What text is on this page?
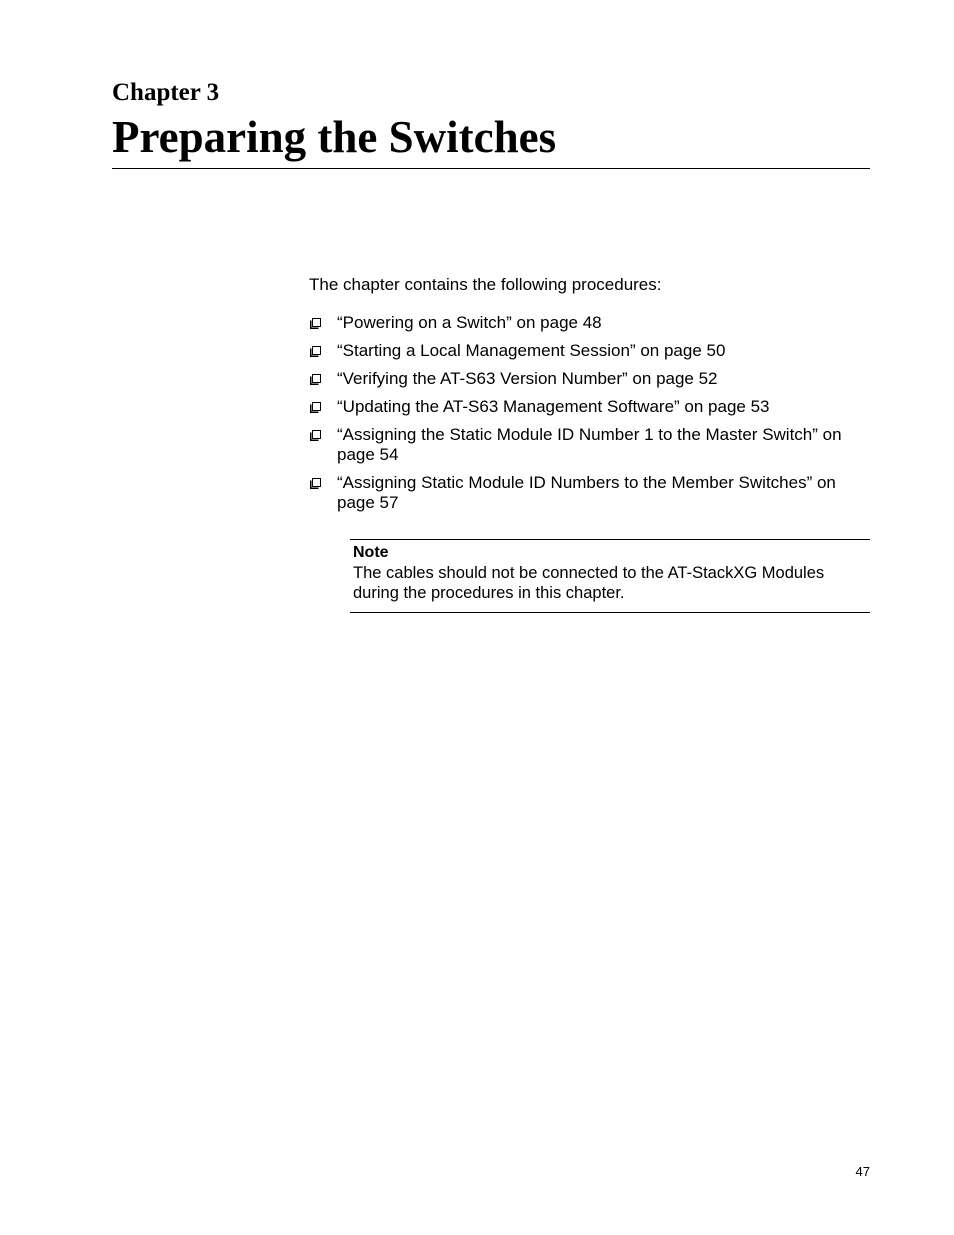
Chapter 3
Preparing the Switches
The chapter contains the following procedures:
“Powering on a Switch” on page 48
“Starting a Local Management Session” on page 50
“Verifying the AT-S63 Version Number” on page 52
“Updating the AT-S63 Management Software” on page 53
“Assigning the Static Module ID Number 1 to the Master Switch” on page 54
“Assigning Static Module ID Numbers to the Member Switches” on page 57
Note
The cables should not be connected to the AT-StackXG Modules during the procedures in this chapter.
47
